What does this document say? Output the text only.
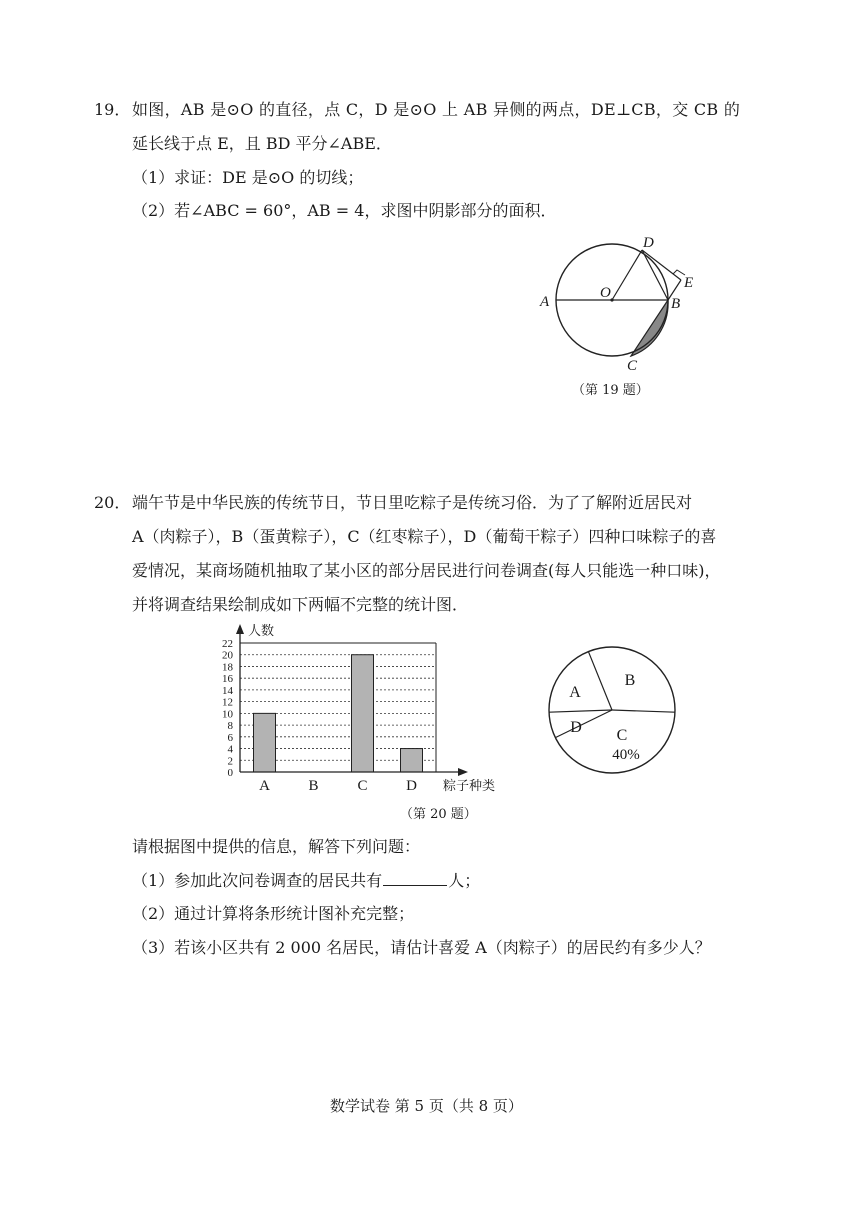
19． 如图，AB 是⊙O 的直径，点 C，D 是⊙O 上 AB 异侧的两点，DE⊥CB，交 CB 的
延长线于点 E，且 BD 平分∠ABE．
（1）求证：DE 是⊙O 的切线；
（2）若∠ABC = 60°，AB = 4，求图中阴影部分的面积．
A
O
B
D
E
C
（第 19 题）
20． 端午节是中华民族的传统节日，节日里吃粽子是传统习俗．为了了解附近居民对
A（肉粽子），B（蛋黄粽子），C（红枣粽子），D（葡萄干粽子）四种口味粽子的喜
爱情况，某商场随机抽取了某小区的部分居民进行问卷调查(每人只能选一种口味)，
并将调查结果绘制成如下两幅不完整的统计图．
0
2
4
6
8
10
12
14
16
18
20
22
A	B	C	D
人数
粽子种类
A
B
C
D
40%
（第 20 题）
请根据图中提供的信息，解答下列问题：
（1）参加此次问卷调查的居民共有	人；
（2）通过计算将条形统计图补充完整；
（3）若该小区共有 2 000 名居民，请估计喜爱 A（肉粽子）的居民约有多少人？
数学试卷 第 5 页（共 8 页）
